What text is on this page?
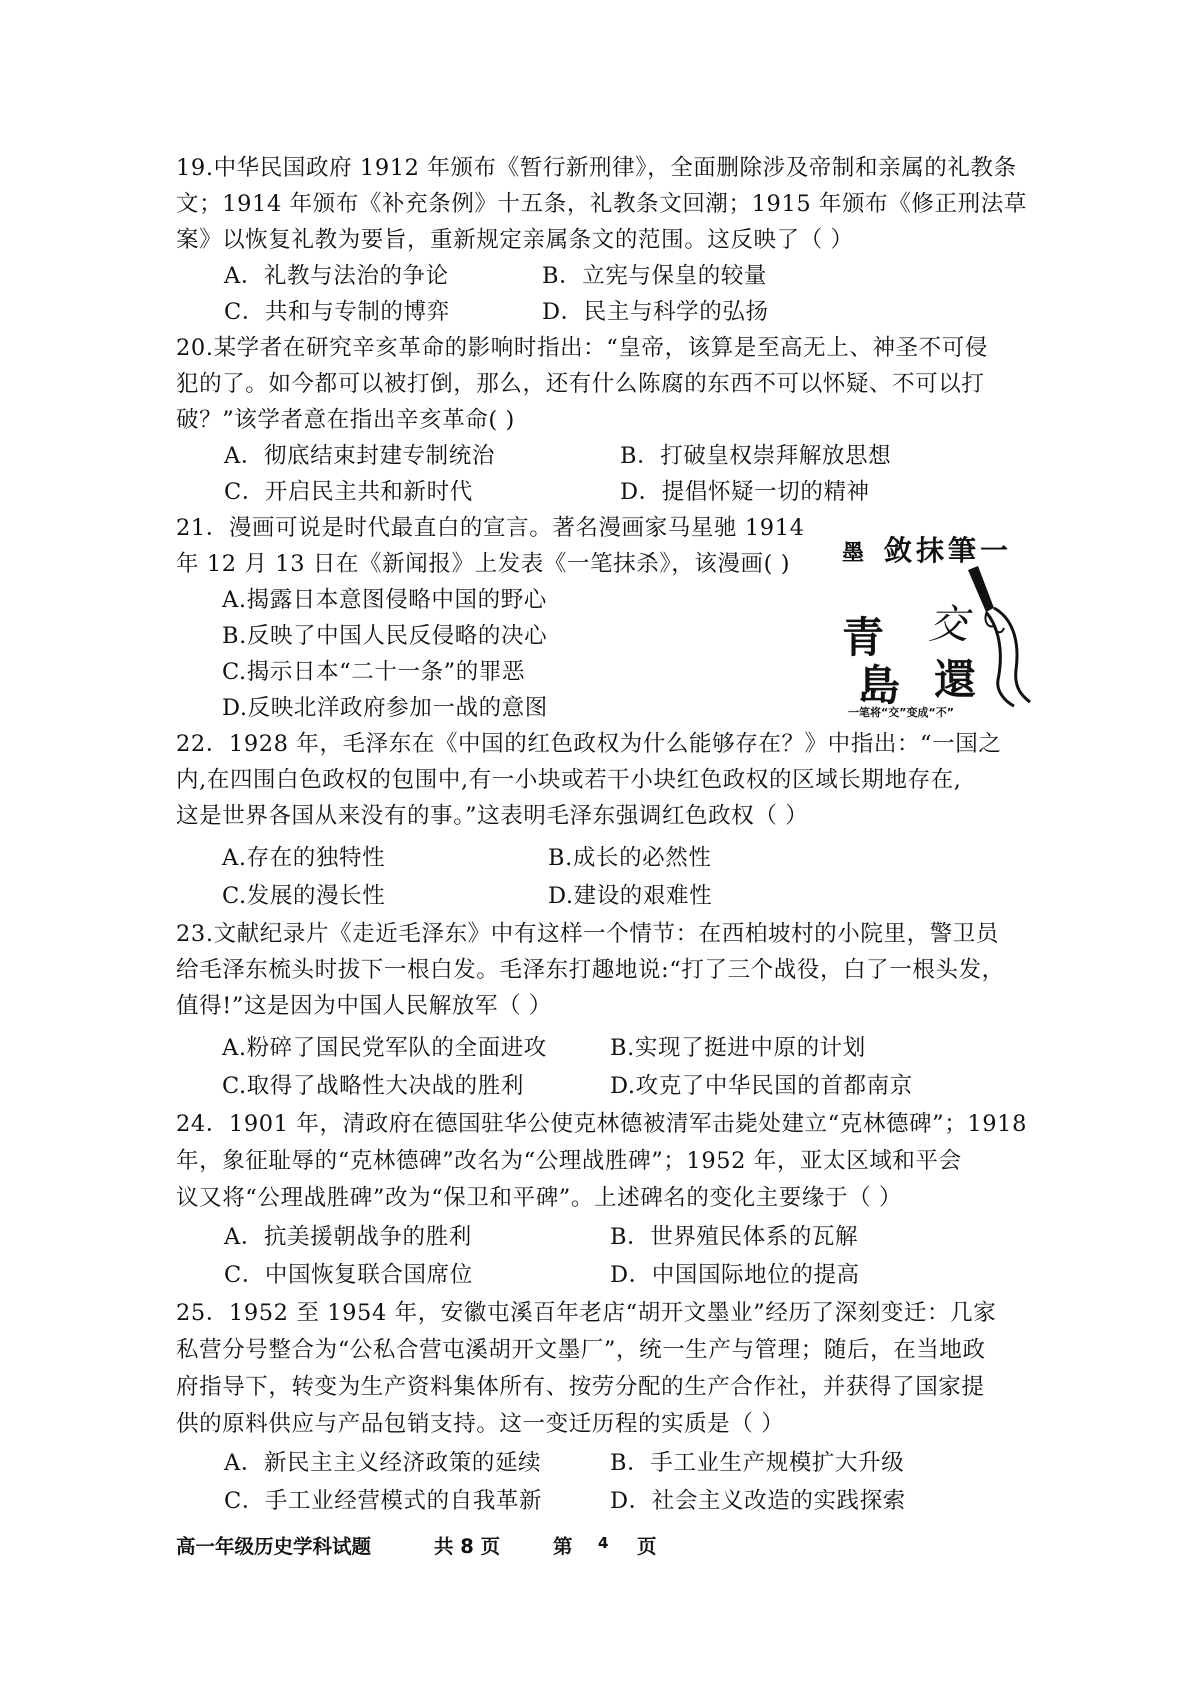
19.中华民国政府 1912 年颁布《暂行新刑律》，全面删除涉及帝制和亲属的礼教条
文；1914 年颁布《补充条例》十五条，礼教条文回潮；1915 年颁布《修正刑法草
案》以恢复礼教为要旨，重新规定亲属条文的范围。这反映了（ ）
A．礼教与法治的争论	B．立宪与保皇的较量
C．共和与专制的博弈	D．民主与科学的弘扬
20.某学者在研究辛亥革命的影响时指出：“皇帝，该算是至高无上、神圣不可侵
犯的了。如今都可以被打倒，那么，还有什么陈腐的东西不可以怀疑、不可以打
破？”该学者意在指出辛亥革命( )
A．彻底结束封建专制统治	B．打破皇权崇拜解放思想
C．开启民主共和新时代	D．提倡怀疑一切的精神
21．漫画可说是时代最直白的宣言。著名漫画家马星驰 1914
年 12 月 13 日在《新闻报》上发表《一笔抹杀》，该漫画( )
A.揭露日本意图侵略中国的野心
B.反映了中国人民反侵略的决心
C.揭示日本“二十一条”的罪恶
D.反映北洋政府参加一战的意图
墨 敛抹筆一
青
島
交
還
一笔将“交”变成“不”
22．1928 年，毛泽东在《中国的红色政权为什么能够存在？》中指出：“一国之
内,在四围白色政权的包围中,有一小块或若干小块红色政权的区域长期地存在,
这是世界各国从来没有的事。”这表明毛泽东强调红色政权（ ）
A.存在的独特性	B.成长的必然性
C.发展的漫长性	D.建设的艰难性
23.文献纪录片《走近毛泽东》中有这样一个情节：在西柏坡村的小院里，警卫员
给毛泽东梳头时拔下一根白发。毛泽东打趣地说:“打了三个战役，白了一根头发，
值得!”这是因为中国人民解放军（ ）
A.粉碎了国民党军队的全面进攻	B.实现了挺进中原的计划
C.取得了战略性大决战的胜利	D.攻克了中华民国的首都南京
24．1901 年，清政府在德国驻华公使克林德被清军击毙处建立“克林德碑”；1918
年，象征耻辱的“克林德碑”改名为“公理战胜碑”；1952 年，亚太区域和平会
议又将“公理战胜碑”改为“保卫和平碑”。上述碑名的变化主要缘于（ ）
A．抗美援朝战争的胜利	B．世界殖民体系的瓦解
C．中国恢复联合国席位	D．中国国际地位的提高
25．1952 至 1954 年，安徽屯溪百年老店“胡开文墨业”经历了深刻变迁：几家
私营分号整合为“公私合营屯溪胡开文墨厂”，统一生产与管理；随后，在当地政
府指导下，转变为生产资料集体所有、按劳分配的生产合作社，并获得了国家提
供的原料供应与产品包销支持。这一变迁历程的实质是（ ）
A．新民主主义经济政策的延续	B．手工业生产规模扩大升级
C．手工业经营模式的自我革新	D．社会主义改造的实践探索
高一年级历史学科试题	共 8 页	第 4 页
